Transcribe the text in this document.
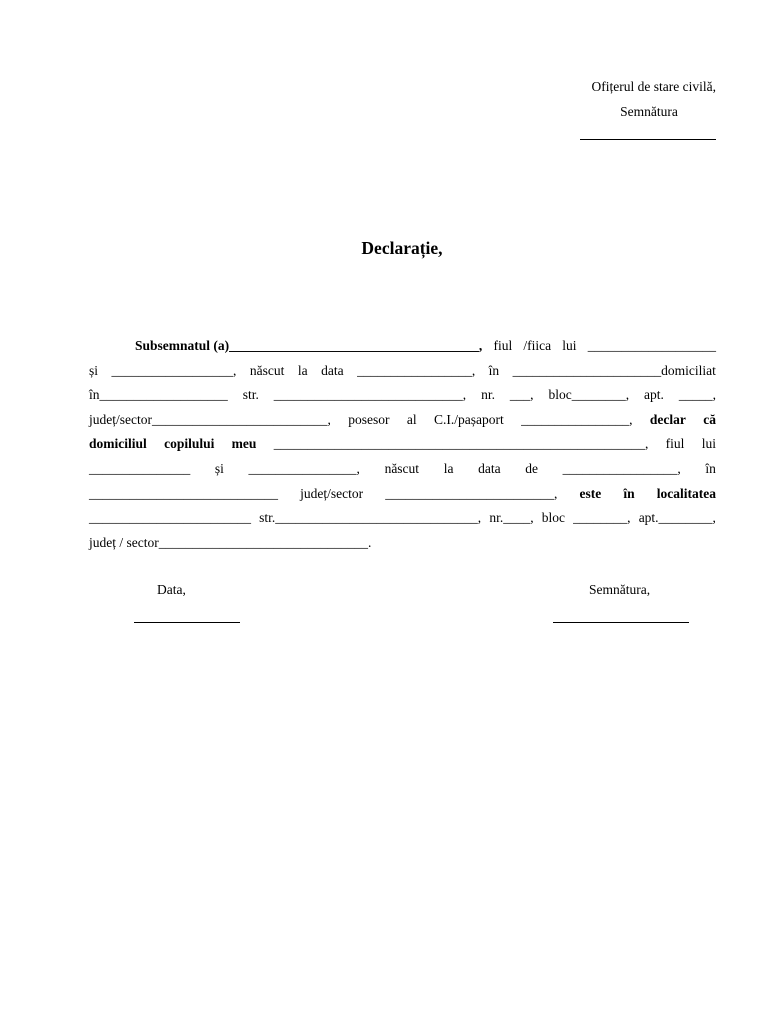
Ofițerul de stare civilă,
Semnătura
Declarație,
Subsemnatul (a)_____________________________________, fiul /fiica lui ___________________
și __________________, născut la data _________________, în ______________________domiciliat
în___________________ str. ____________________________, nr. ___, bloc________, apt. _____,
județ/sector__________________________, posesor al C.I./pașaport ________________, declar că
domiciliul copilului meu _______________________________________________________, fiul lui
_______________ și ________________, născut la data de _________________, în
____________________________ județ/sector _________________________, este în localitatea
________________________ str.______________________________, nr.____, bloc ________, apt.________,
județ / sector_______________________________.
Data,	Semnătura,
